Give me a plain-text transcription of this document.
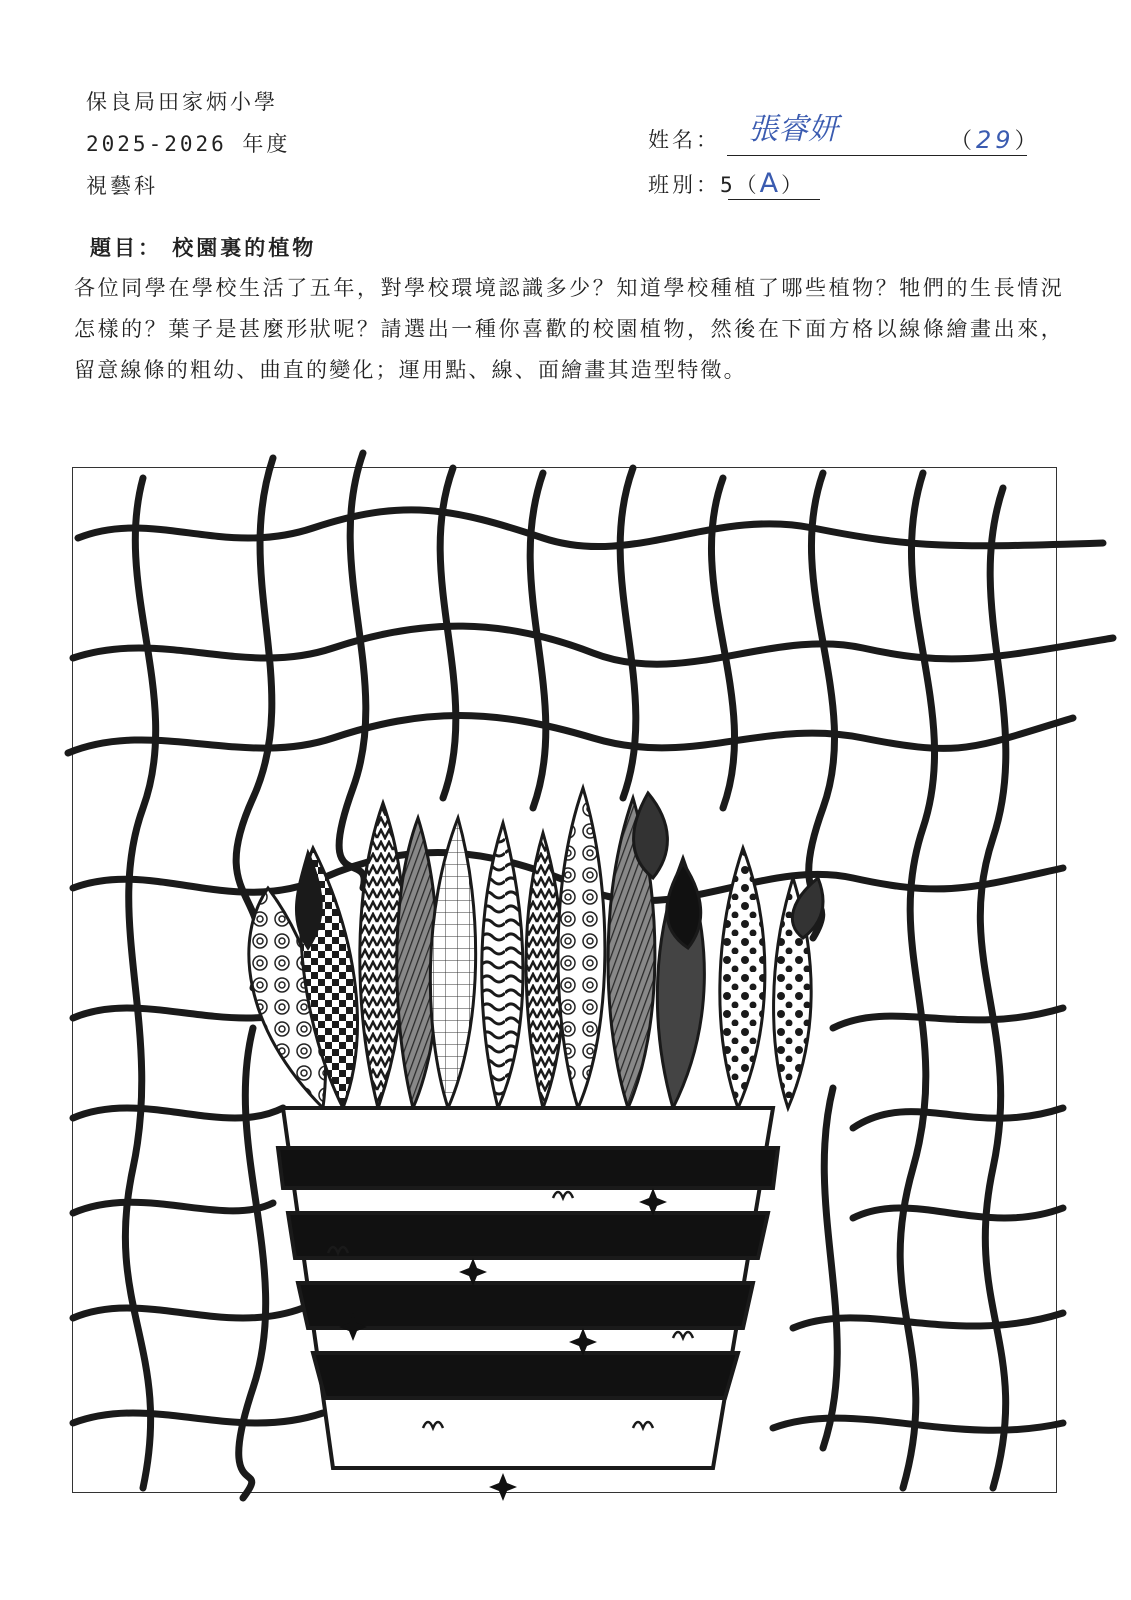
保良局田家炳小學
2025-2026 年度
視藝科
姓名： 張睿妍	（29）
班別：5（A）
題目： 校園裏的植物
各位同學在學校生活了五年，對學校環境認識多少？知道學校種植了哪些植物？牠們的生長情況怎樣的？葉子是甚麼形狀呢？請選出一種你喜歡的校園植物，然後在下面方格以線條繪畫出來，留意線條的粗幼、曲直的變化；運用點、線、面繪畫其造型特徵。
